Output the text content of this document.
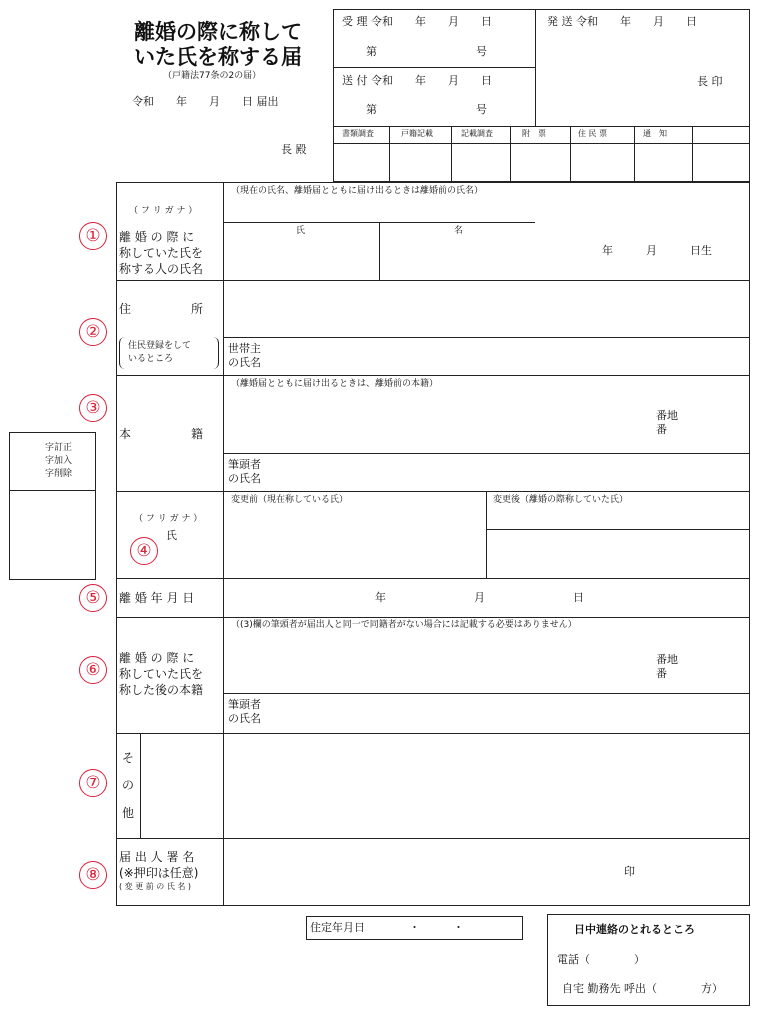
離婚の際に称して
いた氏を称する届
（戸籍法77条の2の届）
令和　　年　　月　　日 届出
長 殿
受 理 令和　　年　　月　　日
第　　　　　　　　　号
送 付 令和　　年　　月　　日
第　　　　　　　　　号
発 送 令和　　年　　月　　日
長 印
書類調査	戸籍記載	記載調査	附　票	住 民 票	通　知
①
（ フ リ ガ ナ ）
離 婚 の 際 に
称していた氏を
称する人の氏名
（現在の氏名、離婚届とともに届け出るときは離婚前の氏名）
氏	名
年　　　月　　　日生
②
住　　　　　所
住民登録をして
いるところ
世帯主
の氏名
③
本　　　　　籍
（離婚届とともに届け出るときは、離婚前の本籍）
番地
番
筆頭者
の氏名
④
（ フ リ ガ ナ ）
氏
変更前（現在称している氏）	変更後（離婚の際称していた氏）
⑤	離 婚 年 月 日	年　　　　　　　　月　　　　　　　　日
⑥
離 婚 の 際 に
称していた氏を
称した後の本籍
（(3)欄の筆頭者が届出人と同一で同籍者がない場合には記載する必要はありません）
番地
番
筆頭者
の氏名
⑦
そ
の
他
⑧
届 出 人 署 名
(※押印は任意)
( 変 更 前 の 氏 名 )
印
字訂正
字加入
字削除
住定年月日　　　　・　　　・	日中連絡のとれるところ
電話（　　　　）
自宅 勤務先 呼出（　　　　方）
